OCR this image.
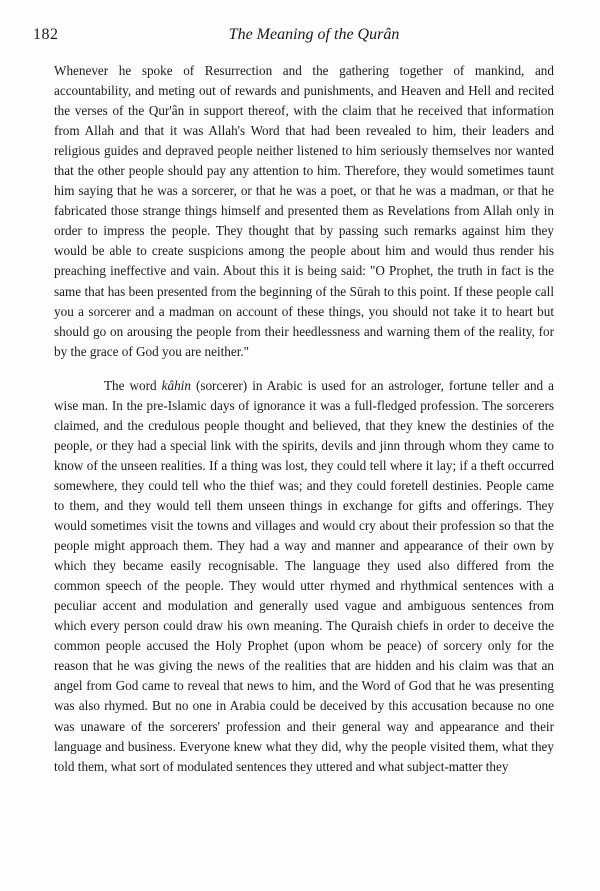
182	The Meaning of the Qurân

Whenever he spoke of Resurrection and the gathering together of mankind, and accountability, and meting out of rewards and punishments, and Heaven and Hell and recited the verses of the Qur'ân in support thereof, with the claim that he received that information from Allah and that it was Allah's Word that had been revealed to him, their leaders and religious guides and depraved people neither listened to him seriously themselves nor wanted that the other people should pay any attention to him. Therefore, they would sometimes taunt him saying that he was a sorcerer, or that he was a poet, or that he was a madman, or that he fabricated those strange things himself and presented them as Revelations from Allah only in order to impress the people. They thought that by passing such remarks against him they would be able to create suspicions among the people about him and would thus render his preaching ineffective and vain. About this it is being said: "O Prophet, the truth in fact is the same that has been presented from the beginning of the Sūrah to this point. If these people call you a sorcerer and a madman on account of these things, you should not take it to heart but should go on arousing the people from their heedlessness and warning them of the reality, for by the grace of God you are neither."

The word kâhin (sorcerer) in Arabic is used for an astrologer, fortune teller and a wise man. In the pre-Islamic days of ignorance it was a full-fledged profession. The sorcerers claimed, and the credulous people thought and believed, that they knew the destinies of the people, or they had a special link with the spirits, devils and jinn through whom they came to know of the unseen realities. If a thing was lost, they could tell where it lay; if a theft occurred somewhere, they could tell who the thief was; and they could foretell destinies. People came to them, and they would tell them unseen things in exchange for gifts and offerings. They would sometimes visit the towns and villages and would cry about their profession so that the people might approach them. They had a way and manner and appearance of their own by which they became easily recognisable. The language they used also differed from the common speech of the people. They would utter rhymed and rhythmical sentences with a peculiar accent and modulation and generally used vague and ambiguous sentences from which every person could draw his own meaning. The Quraish chiefs in order to deceive the common people accused the Holy Prophet (upon whom be peace) of sorcery only for the reason that he was giving the news of the realities that are hidden and his claim was that an angel from God came to reveal that news to him, and the Word of God that he was presenting was also rhymed. But no one in Arabia could be deceived by this accusation because no one was unaware of the sorcerers' profession and their general way and appearance and their language and business. Everyone knew what they did, why the people visited them, what they told them, what sort of modulated sentences they uttered and what subject-matter they
